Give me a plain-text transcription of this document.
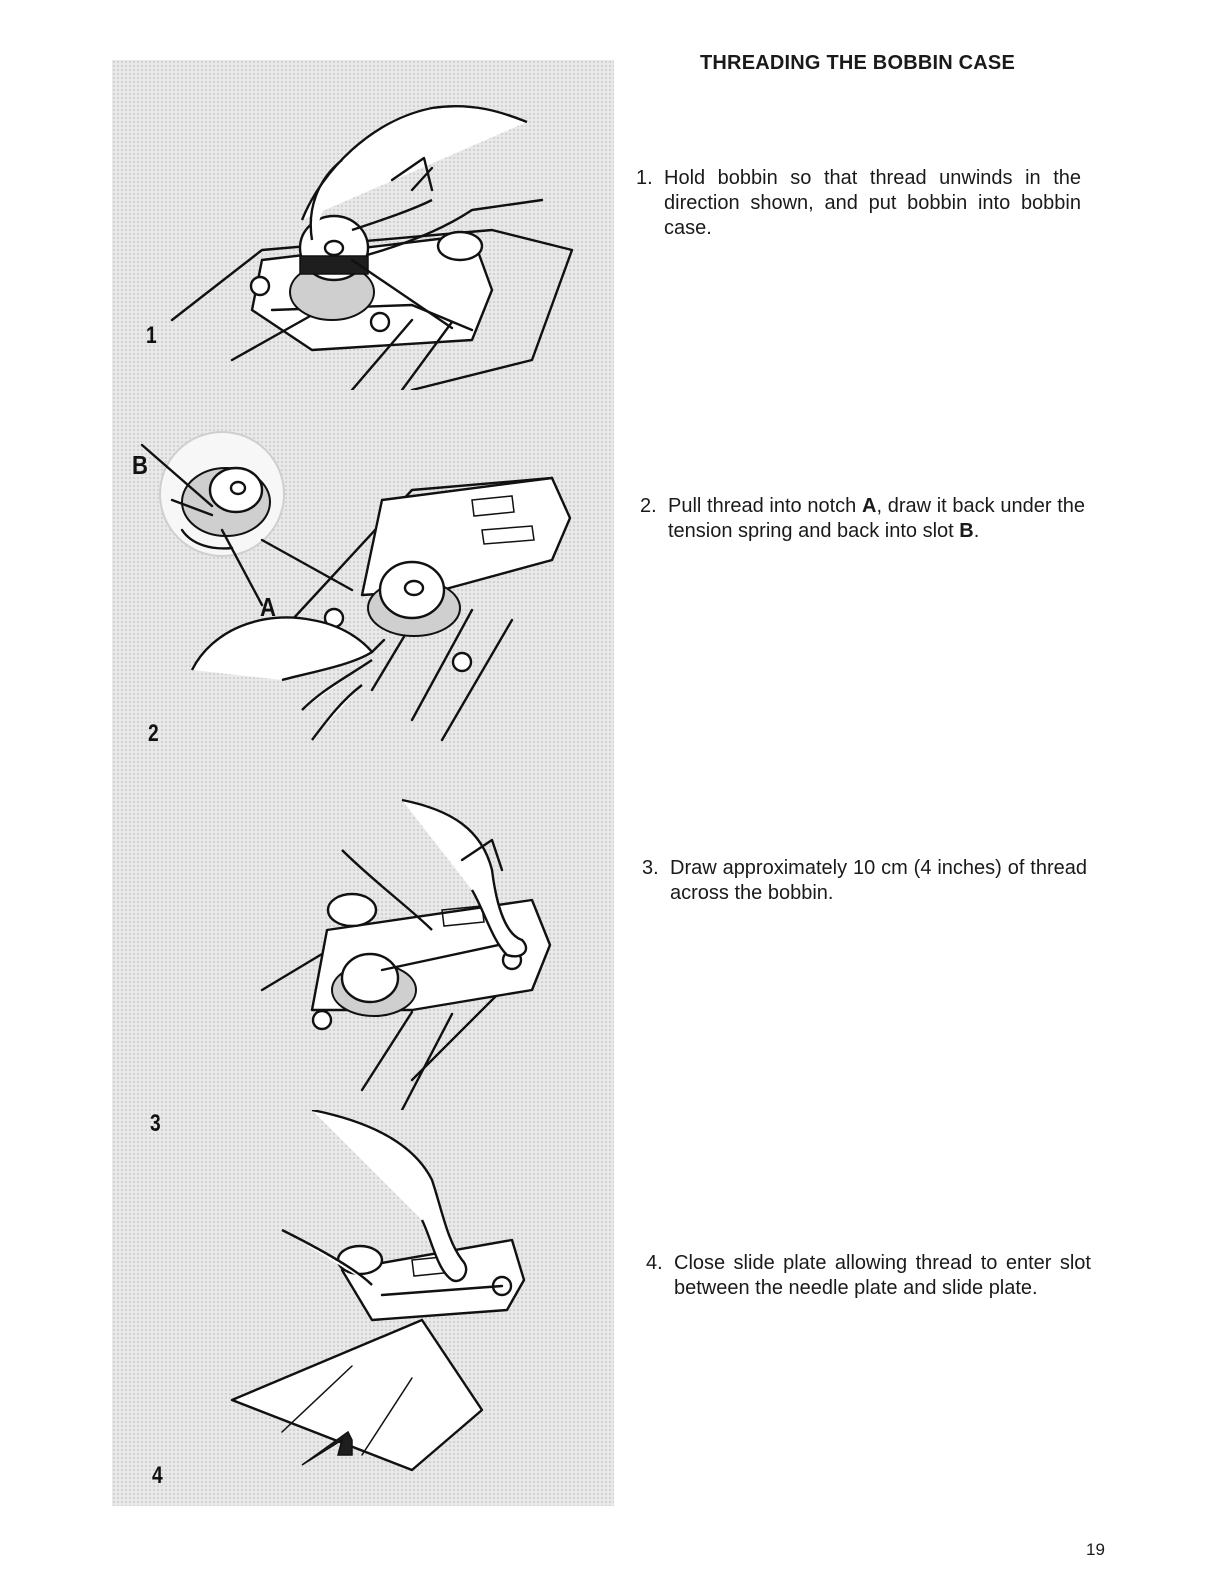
1
B
A
2
3
4
THREADING THE BOBBIN CASE
1. Hold bobbin so that thread unwinds in the direction shown, and put bobbin into bobbin case.
2. Pull thread into notch A, draw it back under the tension spring and back into slot B.
3. Draw approximately 10 cm (4 inches) of thread across the bobbin.
4. Close slide plate allowing thread to enter slot between the needle plate and slide plate.
19
